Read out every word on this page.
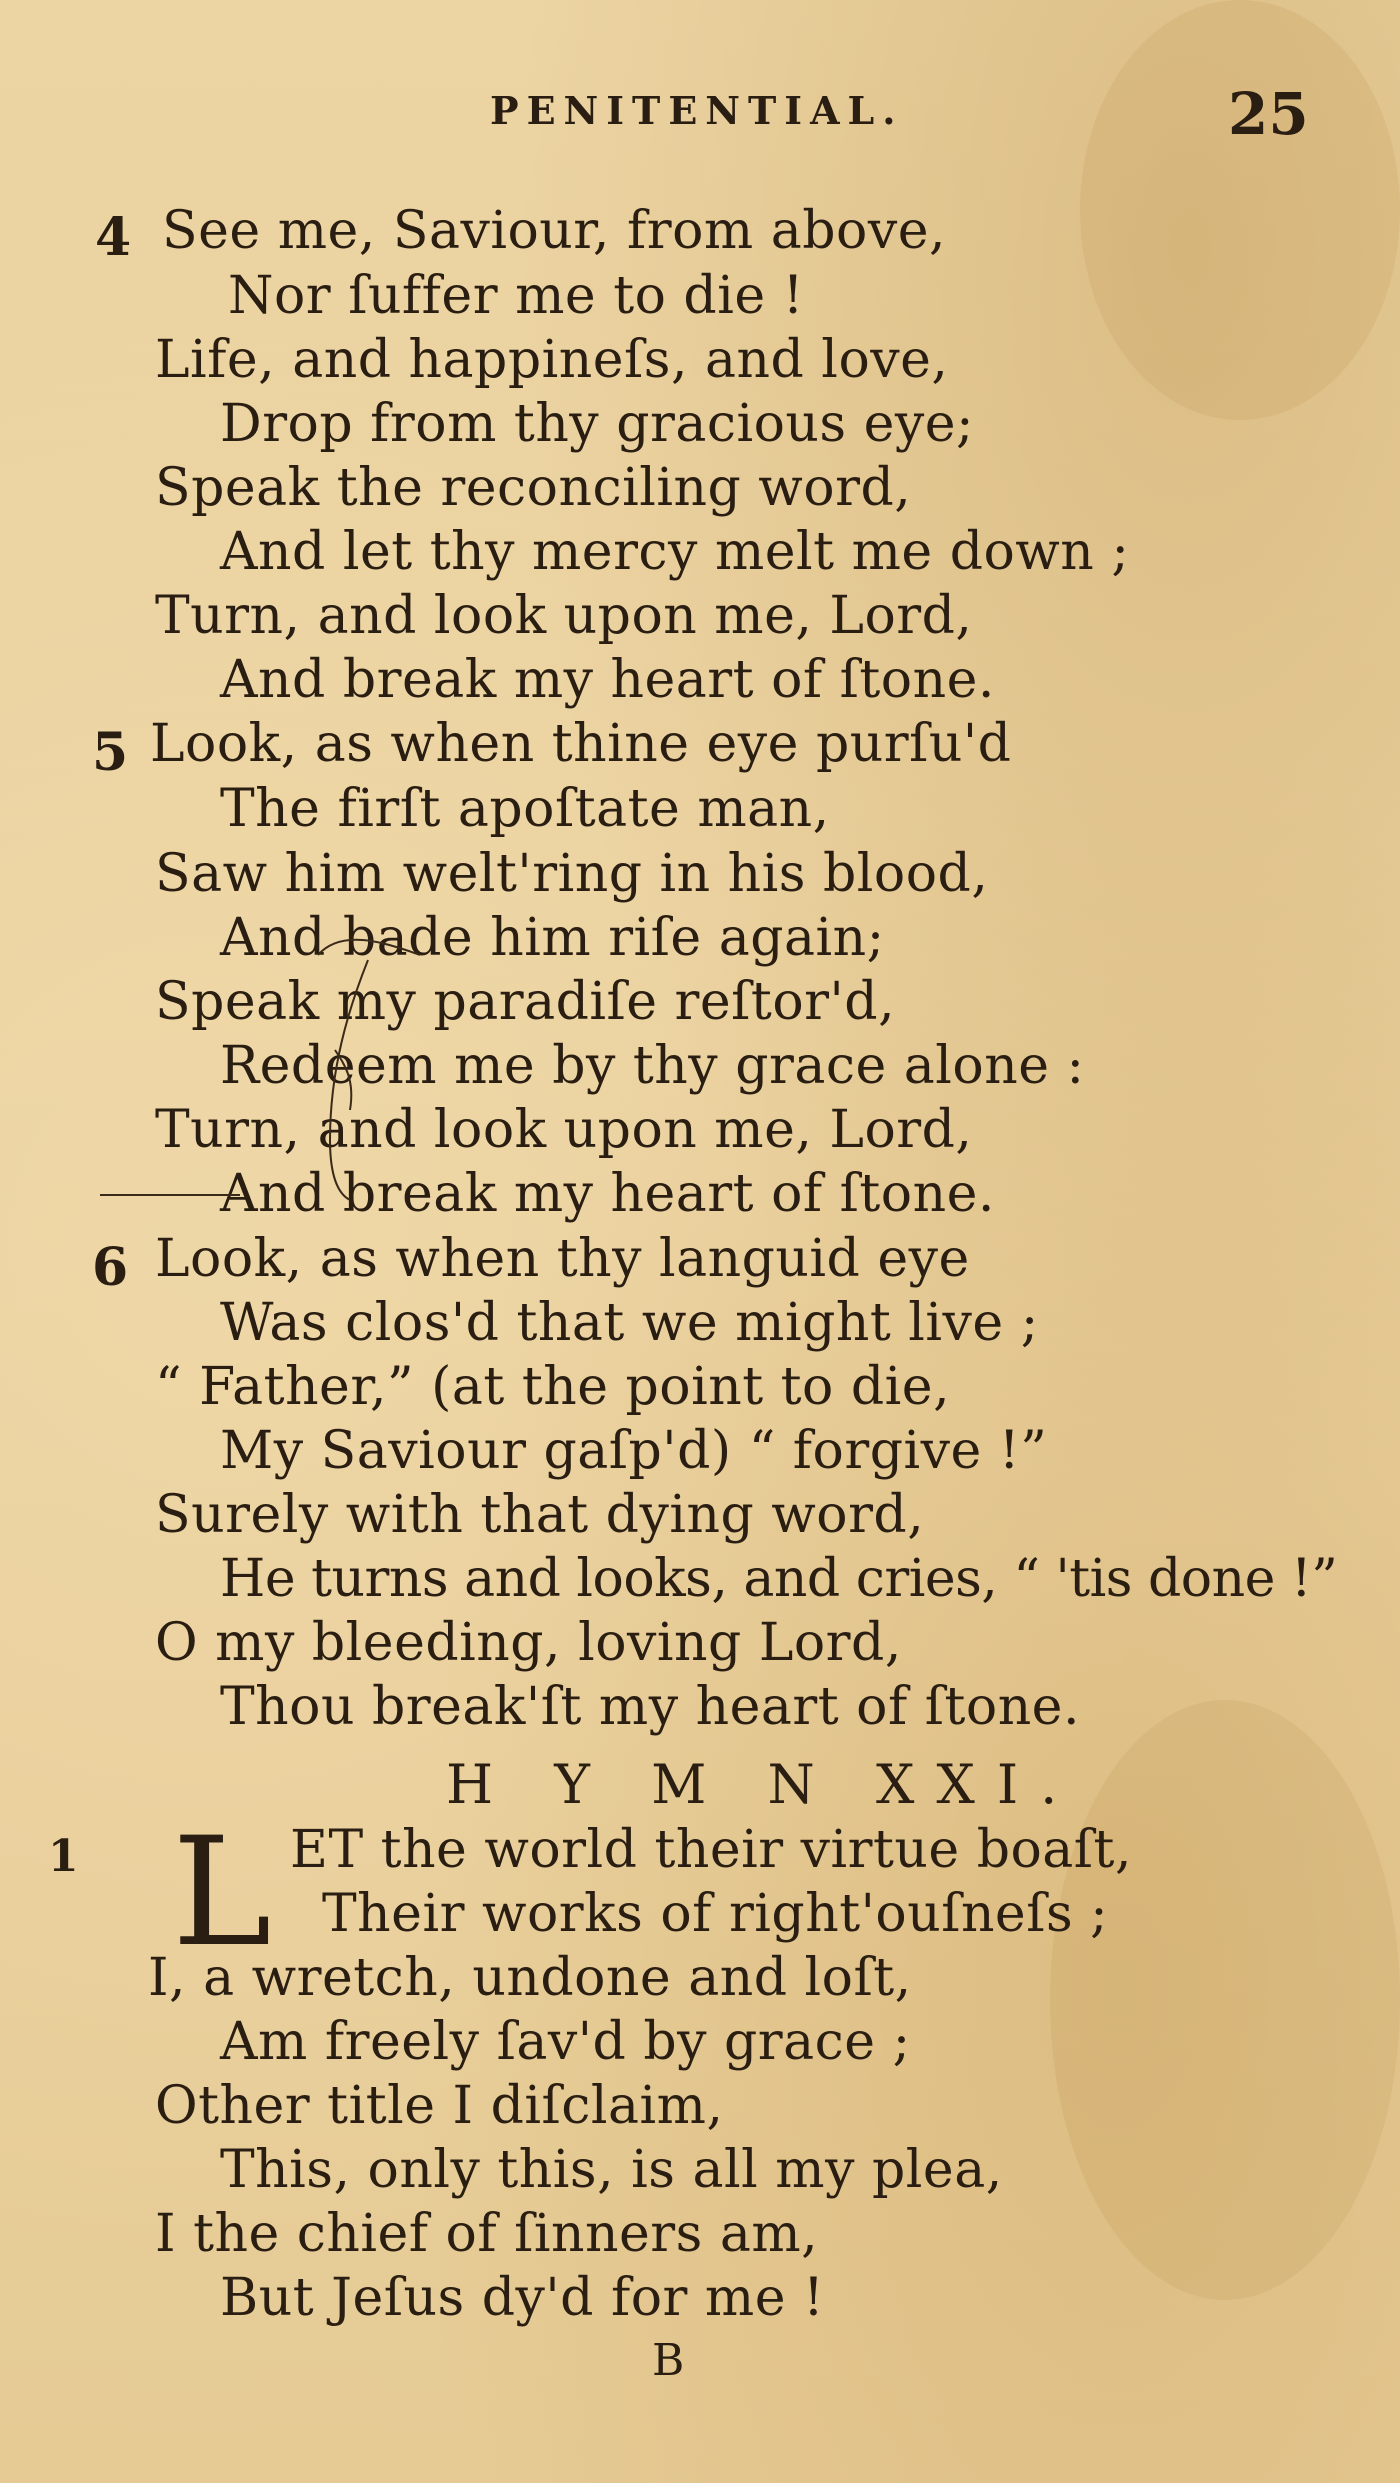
PENITENTIAL.	25
4 See me, Saviour, from above,
Nor ſuffer me to die !
Life, and happineſs, and love,
Drop from thy gracious eye;
Speak the reconciling word,
And let thy mercy melt me down ;
Turn, and look upon me, Lord,
And break my heart of ſtone.
5 Look, as when thine eye purſu'd
The firſt apoſtate man,
Saw him welt'ring in his blood,
And bade him riſe again;
Speak my paradiſe reſtor'd,
Redeem me by thy grace alone :
Turn, and look upon me, Lord,
And break my heart of ſtone.
6 Look, as when thy languid eye
Was clos'd that we might live ;
“ Father,” (at the point to die,
My Saviour gaſp'd) “ forgive !”
Surely with that dying word,
He turns and looks, and cries, “ 'tis done !”
O my bleeding, loving Lord,
Thou break'ſt my heart of ſtone.
H Y M N XXI.
1 L ET the world their virtue boaſt,
Their works of right'ouſneſs ;
I, a wretch, undone and loſt,
Am freely ſav'd by grace ;
Other title I diſclaim,
This, only this, is all my plea,
I the chief of ſinners am,
But Jeſus dy'd for me !
B
